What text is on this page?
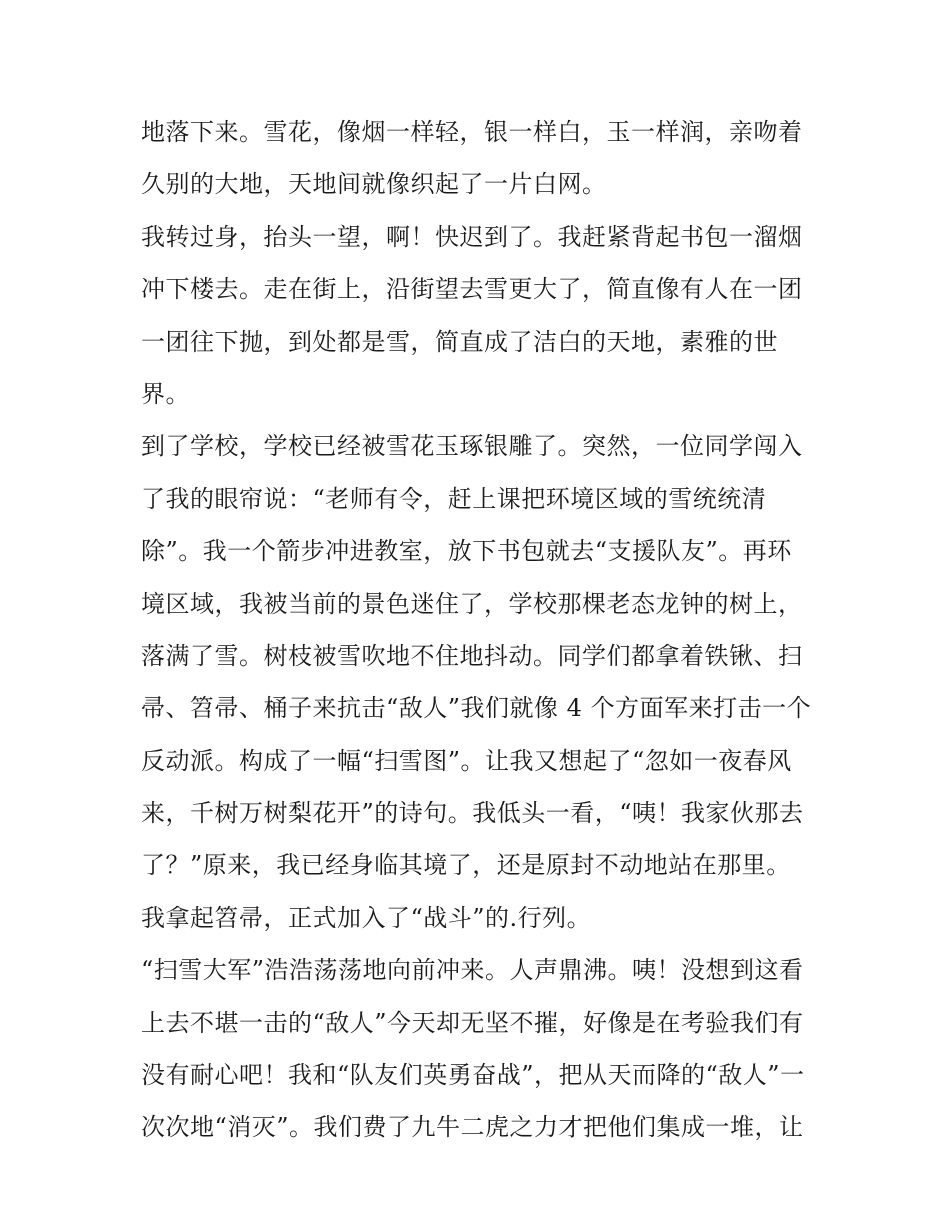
地落下来。雪花，像烟一样轻，银一样白，玉一样润，亲吻着
久别的大地，天地间就像织起了一片白网。
我转过身，抬头一望，啊！快迟到了。我赶紧背起书包一溜烟
冲下楼去。走在街上，沿街望去雪更大了，简直像有人在一团
一团往下抛，到处都是雪，简直成了洁白的天地，素雅的世
界。
到了学校，学校已经被雪花玉琢银雕了。突然，一位同学闯入
了我的眼帘说：“老师有令，赶上课把环境区域的雪统统清
除”。我一个箭步冲进教室，放下书包就去“支援队友”。再环
境区域，我被当前的景色迷住了，学校那棵老态龙钟的树上，
落满了雪。树枝被雪吹地不住地抖动。同学们都拿着铁锹、扫
帚、笤帚、桶子来抗击“敌人”我们就像 4 个方面军来打击一个
反动派。构成了一幅“扫雪图”。让我又想起了“忽如一夜春风
来，千树万树梨花开”的诗句。我低头一看，“咦！我家伙那去
了？”原来，我已经身临其境了，还是原封不动地站在那里。
我拿起笤帚，正式加入了“战斗”的.行列。
“扫雪大军”浩浩荡荡地向前冲来。人声鼎沸。咦！没想到这看
上去不堪一击的“敌人”今天却无坚不摧，好像是在考验我们有
没有耐心吧！我和“队友们英勇奋战”，把从天而降的“敌人”一
次次地“消灭”。我们费了九牛二虎之力才把他们集成一堆，让
